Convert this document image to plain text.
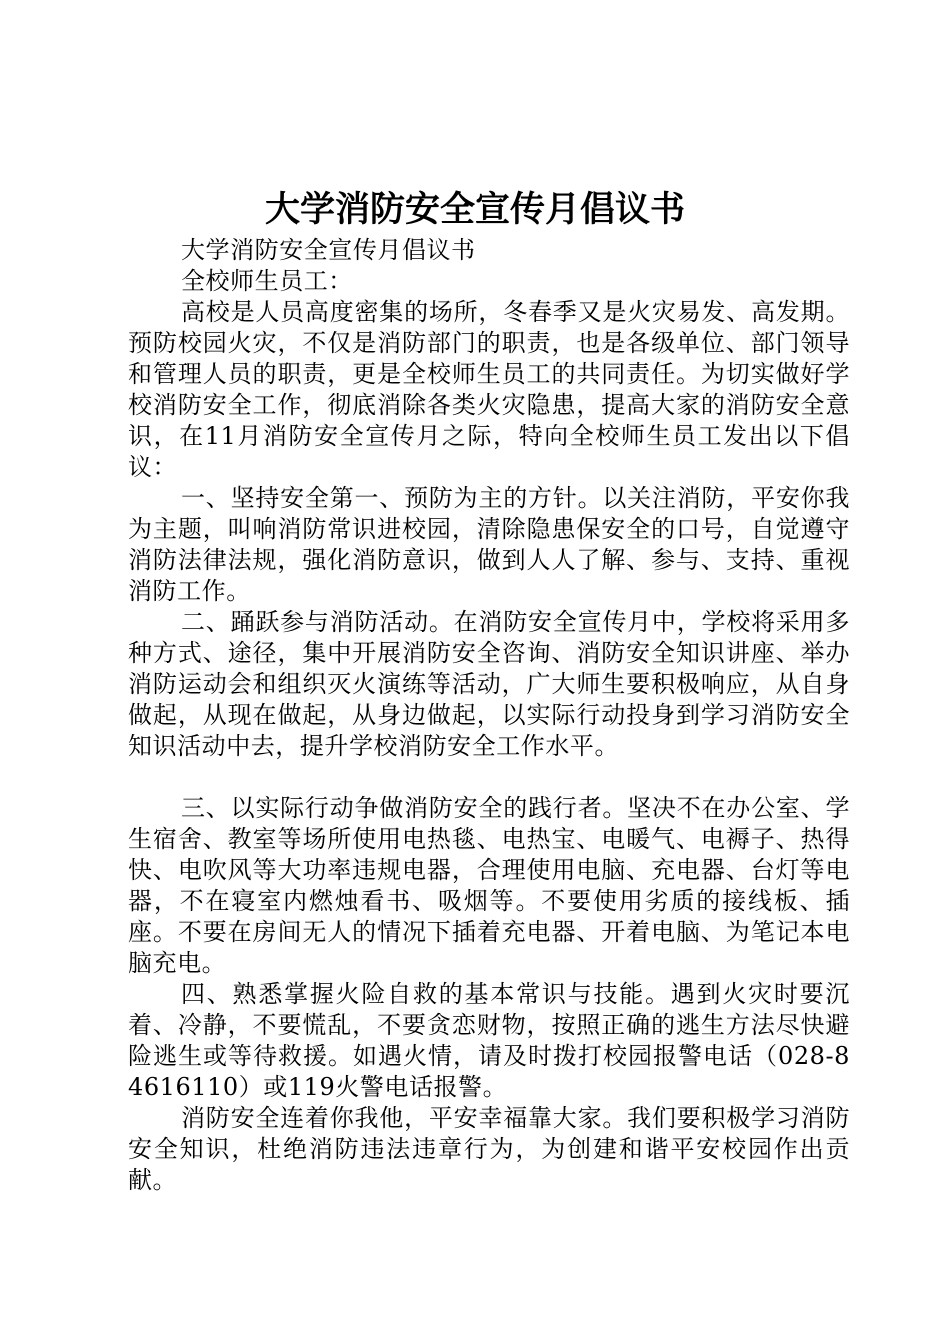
大学消防安全宣传月倡议书

大学消防安全宣传月倡议书

全校师生员工：

高校是人员高度密集的场所，冬春季又是火灾易发、高发期。预防校园火灾，不仅是消防部门的职责，也是各级单位、部门领导和管理人员的职责，更是全校师生员工的共同责任。为切实做好学校消防安全工作，彻底消除各类火灾隐患，提高大家的消防安全意识，在11月消防安全宣传月之际，特向全校师生员工发出以下倡议：

一、坚持安全第一、预防为主的方针。以关注消防，平安你我为主题，叫响消防常识进校园，清除隐患保安全的口号，自觉遵守消防法律法规，强化消防意识，做到人人了解、参与、支持、重视消防工作。

二、踊跃参与消防活动。在消防安全宣传月中，学校将采用多种方式、途径，集中开展消防安全咨询、消防安全知识讲座、举办消防运动会和组织灭火演练等活动，广大师生要积极响应，从自身做起，从现在做起，从身边做起，以实际行动投身到学习消防安全知识活动中去，提升学校消防安全工作水平。

三、以实际行动争做消防安全的践行者。坚决不在办公室、学生宿舍、教室等场所使用电热毯、电热宝、电暖气、电褥子、热得快、电吹风等大功率违规电器，合理使用电脑、充电器、台灯等电器，不在寝室内燃烛看书、吸烟等。不要使用劣质的接线板、插座。不要在房间无人的情况下插着充电器、开着电脑、为笔记本电脑充电。

四、熟悉掌握火险自救的基本常识与技能。遇到火灾时要沉着、冷静，不要慌乱，不要贪恋财物，按照正确的逃生方法尽快避险逃生或等待救援。如遇火情，请及时拨打校园报警电话（028-84616110）或119火警电话报警。

消防安全连着你我他，平安幸福靠大家。我们要积极学习消防安全知识，杜绝消防违法违章行为，为创建和谐平安校园作出贡献。
